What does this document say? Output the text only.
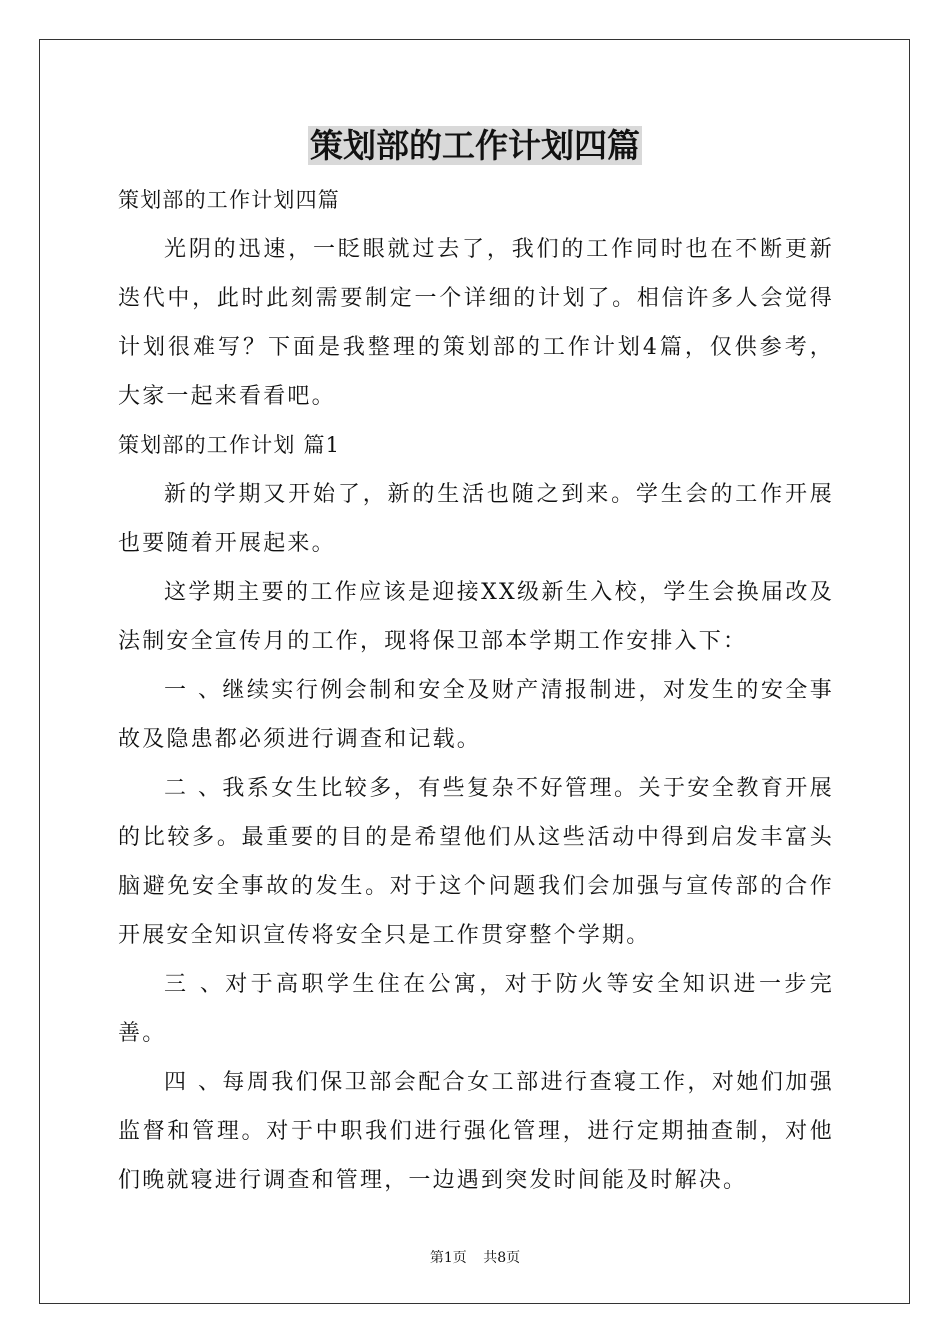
策划部的工作计划四篇

策划部的工作计划四篇

光阴的迅速，一眨眼就过去了，我们的工作同时也在不断更新迭代中，此时此刻需要制定一个详细的计划了。相信许多人会觉得计划很难写？下面是我整理的策划部的工作计划4篇，仅供参考，大家一起来看看吧。

策划部的工作计划 篇1

新的学期又开始了，新的生活也随之到来。学生会的工作开展也要随着开展起来。

这学期主要的工作应该是迎接XX级新生入校，学生会换届改及法制安全宣传月的工作，现将保卫部本学期工作安排入下：

一 、继续实行例会制和安全及财产清报制进，对发生的安全事故及隐患都必须进行调查和记载。

二 、我系女生比较多，有些复杂不好管理。关于安全教育开展的比较多。最重要的目的是希望他们从这些活动中得到启发丰富头脑避免安全事故的发生。对于这个问题我们会加强与宣传部的合作开展安全知识宣传将安全只是工作贯穿整个学期。

三 、对于高职学生住在公寓，对于防火等安全知识进一步完善。

四 、每周我们保卫部会配合女工部进行查寝工作，对她们加强监督和管理。对于中职我们进行强化管理，进行定期抽查制，对他们晚就寝进行调查和管理，一边遇到突发时间能及时解决。

第1页 共8页
